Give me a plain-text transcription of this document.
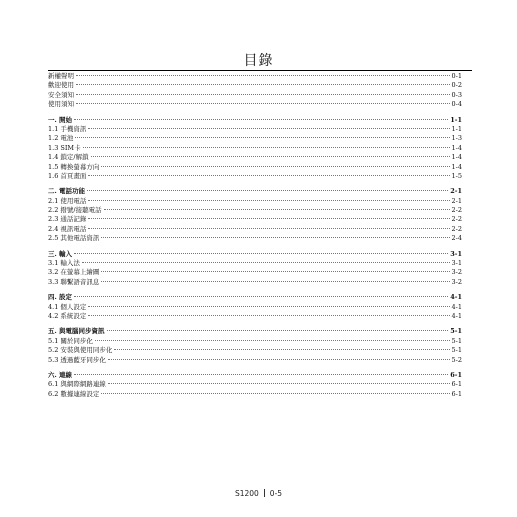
目錄
新權聲明	0-1
歡迎使用	0-2
安全須知	0-3
使用須知	0-4
一. 開始	1-1
1.1 手機資訊	1-1
1.2 電池	1-3
1.3 SIM卡	1-4
1.4 鎖定/解鎖	1-4
1.5 轉換螢幕方向	1-4
1.6 首頁畫面	1-5
二. 電話功能	2-1
2.1 使用電話	2-1
2.2 撥號/接聽電話	2-2
2.3 通話記錄	2-2
2.4 視訊電話	2-2
2.5 其他電話資訊	2-4
三. 輸入	3-1
3.1 輸入法	3-1
3.2 在螢幕上繪圖	3-2
3.3 聯繫語音訊息	3-2
四. 設定	4-1
4.1 個人設定	4-1
4.2 系統設定	4-1
五. 與電腦同步資訊	5-1
5.1 關於同步化	5-1
5.2 安裝與使用同步化	5-1
5.3 透過藍牙同步化	5-2
六. 連線	6-1
6.1 與網際網路連線	6-1
6.2 數據連線設定	6-1
S1200 0-5
